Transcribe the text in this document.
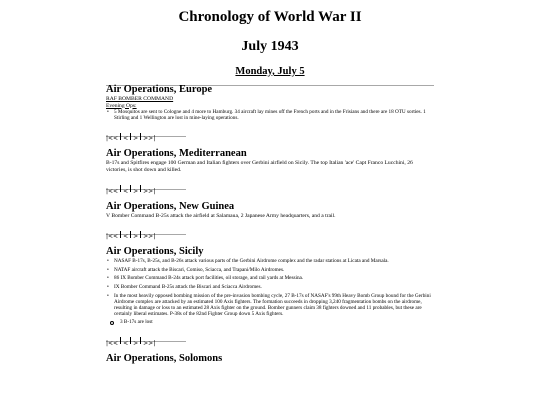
Chronology of World War II
July 1943
Monday, July 5
Air Operations, Europe

RAF BOMBER COMMAND

Evening Ops:

• 5 Mosquitos are sent to Cologne and 4 more to Hamburg. 34 aircraft lay mines off the French ports and in the Frisians and there are 18 OTU sorties. 1 Stirling and 1 Wellington are lost in mine-laying operations.
|<< < > >>|
Air Operations, Mediterranean

B-17s and Spitfires engage 100 German and Italian fighters over Gerbini airfield on Sicily. The top Italian 'ace' Capt Franco Lucchini, 26 victories, is shot down and killed.

|<< < > >>|
Air Operations, New Guinea

V Bomber Command B-25s attack the airfield at Salamaua, 2 Japanese Army headquarters, and a trail.

|<< < > >>|
Air Operations, Sicily
• NASAF B-17s, B-25s, and B-26s attack various parts of the Gerbini Airdrome complex and the radar stations at Licata and Marsala.
• NATAF aircraft attack the Biscari, Comiso, Sciacca, and Trapani/Milo Airdromes.
• 86 IX Bomber Command B-24s attack port facilities, oil storage, and rail yards at Messina.
• IX Bomber Command B-25s attack the Biscari and Sciacca Airdromes.
• In the most heavily opposed bombing mission of the pre-invasion bombing cycle, 27 B-17s of NASAF's 99th Heavy Bomb Group bound for the Gerbini Airdrome complex are attacked by an estimated 100 Axis fighters. The formation succeeds in dropping 3,240 fragmentation bombs on the airdrome, resulting in damage or loss to an estimated 28 Axis fighter on the ground. Bomber gunners claim 38 fighters downed and 11 probables, but these are certainly liberal estimates. P-38s of the 82nd Fighter Group down 5 Axis fighters.
3 B-17s are lost
|<< < > >>|
Air Operations, Solomons
